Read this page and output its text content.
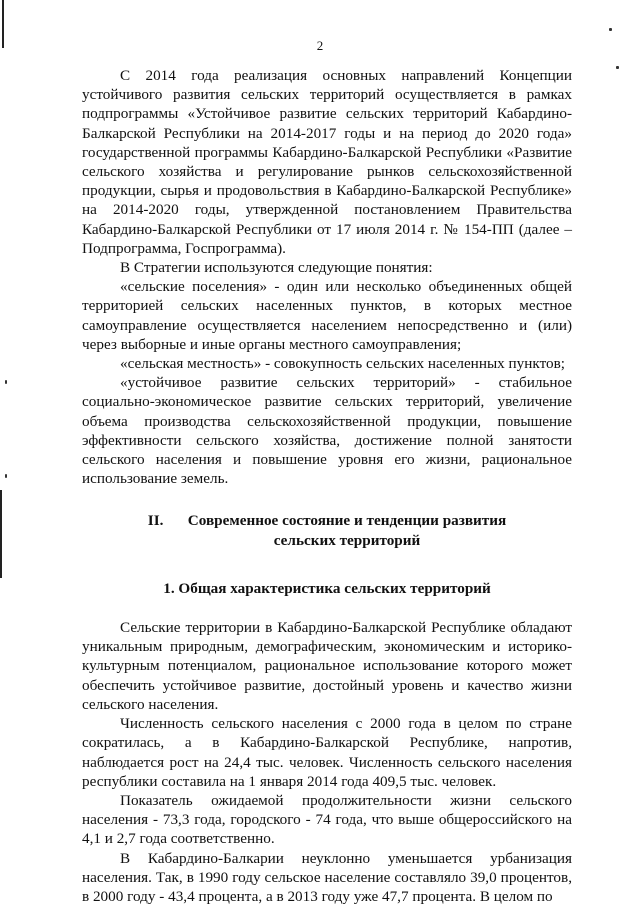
2

С 2014 года реализация основных направлений Концепции устойчивого развития сельских территорий осуществляется в рамках подпрограммы «Устойчивое развитие сельских территорий Кабардино-Балкарской Республики на 2014-2017 годы и на период до 2020 года» государственной программы Кабардино-Балкарской Республики «Развитие сельского хозяйства и регулирование рынков сельскохозяйственной продукции, сырья и продовольствия в Кабардино-Балкарской Республике» на 2014-2020 годы, утвержденной постановлением Правительства Кабардино-Балкарской Республики от 17 июля 2014 г. № 154-ПП (далее – Подпрограмма, Госпрограмма).

В Стратегии используются следующие понятия:

«сельские поселения» - один или несколько объединенных общей территорией сельских населенных пунктов, в которых местное самоуправление осуществляется населением непосредственно и (или) через выборные и иные органы местного самоуправления;

«сельская местность» - совокупность сельских населенных пунктов;

«устойчивое развитие сельских территорий» - стабильное социально-экономическое развитие сельских территорий, увеличение объема производства сельскохозяйственной продукции, повышение эффективности сельского хозяйства, достижение полной занятости сельского населения и повышение уровня его жизни, рациональное использование земель.

II.	Современное состояние и тенденции развития
сельских территорий
1. Общая характеристика сельских территорий

Сельские территории в Кабардино-Балкарской Республике обладают уникальным природным, демографическим, экономическим и историко-культурным потенциалом, рациональное использование которого может обеспечить устойчивое развитие, достойный уровень и качество жизни сельского населения.

Численность сельского населения с 2000 года в целом по стране сократилась, а в Кабардино-Балкарской Республике, напротив, наблюдается рост на 24,4 тыс. человек. Численность сельского населения республики составила на 1 января 2014 года 409,5 тыс. человек.

Показатель ожидаемой продолжительности жизни сельского населения - 73,3 года, городского - 74 года, что выше общероссийского на 4,1 и 2,7 года соответственно.

В Кабардино-Балкарии неуклонно уменьшается урбанизация населения. Так, в 1990 году сельское население составляло 39,0 процентов, в 2000 году - 43,4 процента, а в 2013 году уже 47,7 процента. В целом по
